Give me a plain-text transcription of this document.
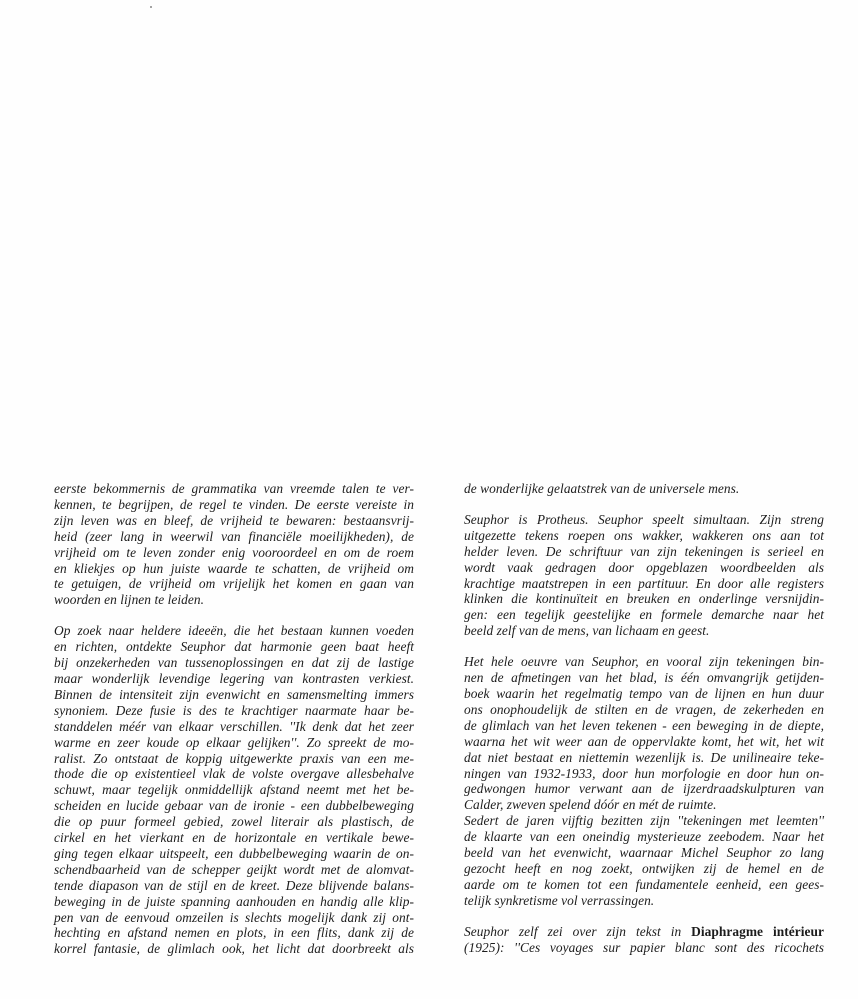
eerste bekommernis de grammatika van vreemde talen te ver-
kennen, te begrijpen, de regel te vinden. De eerste vereiste in
zijn leven was en bleef, de vrijheid te bewaren: bestaansvrij-
heid (zeer lang in weerwil van financiële moeilijkheden), de
vrijheid om te leven zonder enig vooroordeel en om de roem
en kliekjes op hun juiste waarde te schatten, de vrijheid om
te getuigen, de vrijheid om vrijelijk het komen en gaan van
woorden en lijnen te leiden.
Op zoek naar heldere ideeën, die het bestaan kunnen voeden
en richten, ontdekte Seuphor dat harmonie geen baat heeft
bij onzekerheden van tussenoplossingen en dat zij de lastige
maar wonderlijk levendige legering van kontrasten verkiest.
Binnen de intensiteit zijn evenwicht en samensmelting immers
synoniem. Deze fusie is des te krachtiger naarmate haar be-
standdelen méér van elkaar verschillen. ''Ik denk dat het zeer
warme en zeer koude op elkaar gelijken''. Zo spreekt de mo-
ralist. Zo ontstaat de koppig uitgewerkte praxis van een me-
thode die op existentieel vlak de volste overgave allesbehalve
schuwt, maar tegelijk onmiddellijk afstand neemt met het be-
scheiden en lucide gebaar van de ironie - een dubbelbeweging
die op puur formeel gebied, zowel literair als plastisch, de
cirkel en het vierkant en de horizontale en vertikale bewe-
ging tegen elkaar uitspeelt, een dubbelbeweging waarin de on-
schendbaarheid van de schepper geijkt wordt met de alomvat-
tende diapason van de stijl en de kreet. Deze blijvende balans-
beweging in de juiste spanning aanhouden en handig alle klip-
pen van de eenvoud omzeilen is slechts mogelijk dank zij ont-
hechting en afstand nemen en plots, in een flits, dank zij de
korrel fantasie, de glimlach ook, het licht dat doorbreekt als
de wonderlijke gelaatstrek van de universele mens.
Seuphor is Protheus. Seuphor speelt simultaan. Zijn streng
uitgezette tekens roepen ons wakker, wakkeren ons aan tot
helder leven. De schriftuur van zijn tekeningen is serieel en
wordt vaak gedragen door opgeblazen woordbeelden als
krachtige maatstrepen in een partituur. En door alle registers
klinken die kontinuïteit en breuken en onderlinge versnijdin-
gen: een tegelijk geestelijke en formele demarche naar het
beeld zelf van de mens, van lichaam en geest.
Het hele oeuvre van Seuphor, en vooral zijn tekeningen bin-
nen de afmetingen van het blad, is één omvangrijk getijden-
boek waarin het regelmatig tempo van de lijnen en hun duur
ons onophoudelijk de stilten en de vragen, de zekerheden en
de glimlach van het leven tekenen - een beweging in de diepte,
waarna het wit weer aan de oppervlakte komt, het wit, het wit
dat niet bestaat en niettemin wezenlijk is. De unilineaire teke-
ningen van 1932-1933, door hun morfologie en door hun on-
gedwongen humor verwant aan de ijzerdraadskulpturen van
Calder, zweven spelend dóór en mét de ruimte.
Sedert de jaren vijftig bezitten zijn ''tekeningen met leemten''
de klaarte van een oneindig mysterieuze zeebodem. Naar het
beeld van het evenwicht, waarnaar Michel Seuphor zo lang
gezocht heeft en nog zoekt, ontwijken zij de hemel en de
aarde om te komen tot een fundamentele eenheid, een gees-
telijk synkretisme vol verrassingen.
Seuphor zelf zei over zijn tekst in Diaphragme intérieur
(1925): ''Ces voyages sur papier blanc sont des ricochets
